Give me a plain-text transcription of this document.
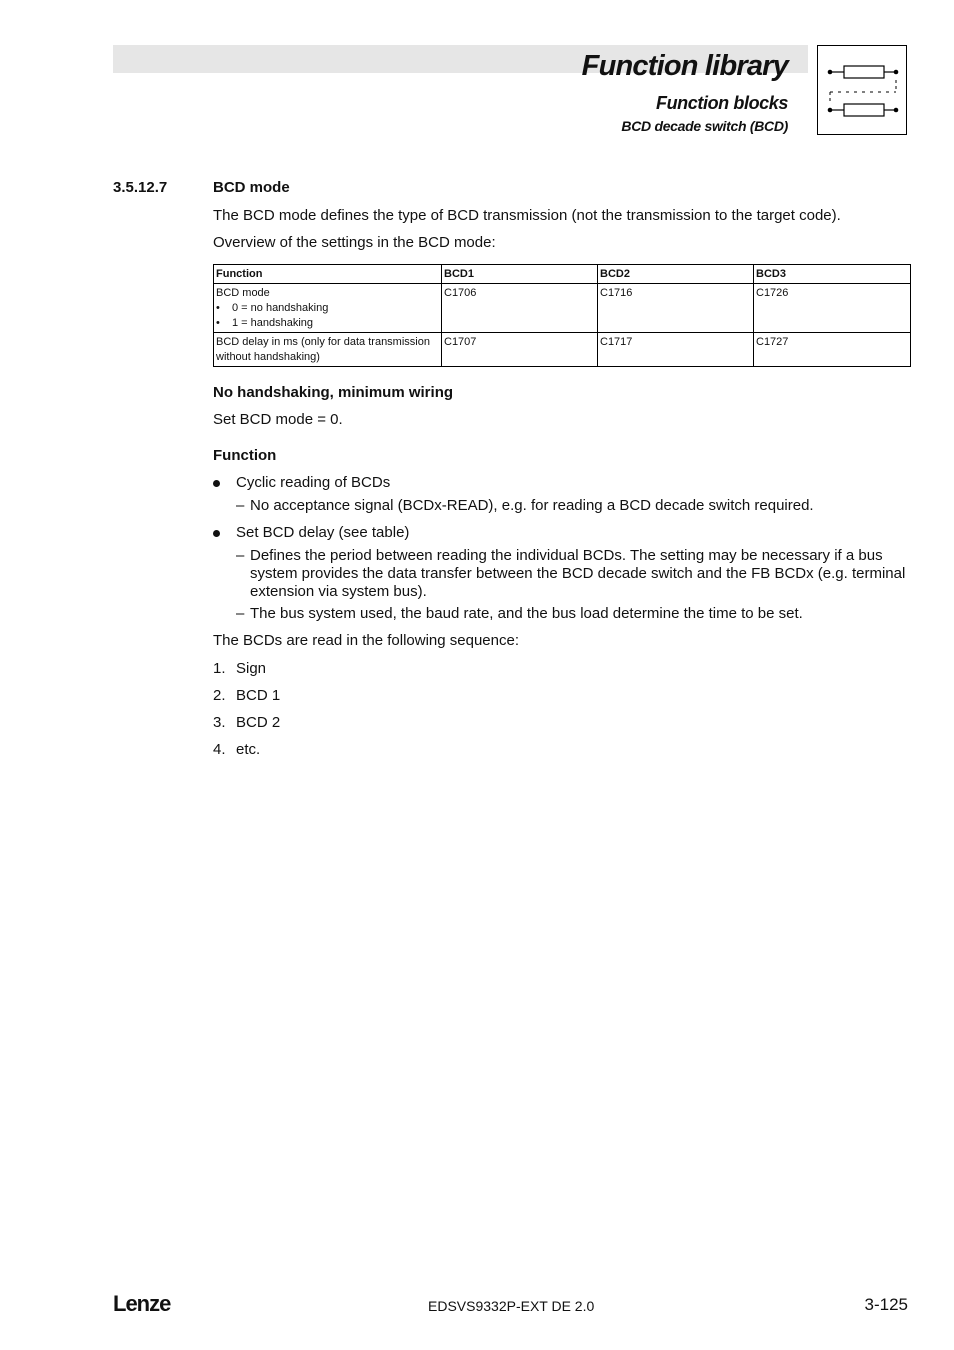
Function library
Function blocks
BCD decade switch (BCD)
3.5.12.7	BCD mode

The BCD mode defines the type of BCD transmission (not the transmission to the target code).

Overview of the settings in the BCD mode:

Function	BCD1	BCD2	BCD3
BCD mode
• 0 = no handshaking
• 1 = handshaking	C1706	C1716	C1726
BCD delay in ms (only for data transmission without handshaking)	C1707	C1717	C1727

No handshaking, minimum wiring

Set BCD mode = 0.

Function

Cyclic reading of BCDs
– No acceptance signal (BCDx-READ), e.g. for reading a BCD decade switch required.
Set BCD delay (see table)
– Defines the period between reading the individual BCDs. The setting may be necessary if a bus system provides the data transfer between the BCD decade switch and the FB BCDx (e.g. terminal extension via system bus).
– The bus system used, the baud rate, and the bus load determine the time to be set.

The BCDs are read in the following sequence:

1. Sign
2. BCD 1
3. BCD 2
4. etc.
Lenze	EDSVS9332P-EXT DE 2.0	3-125
